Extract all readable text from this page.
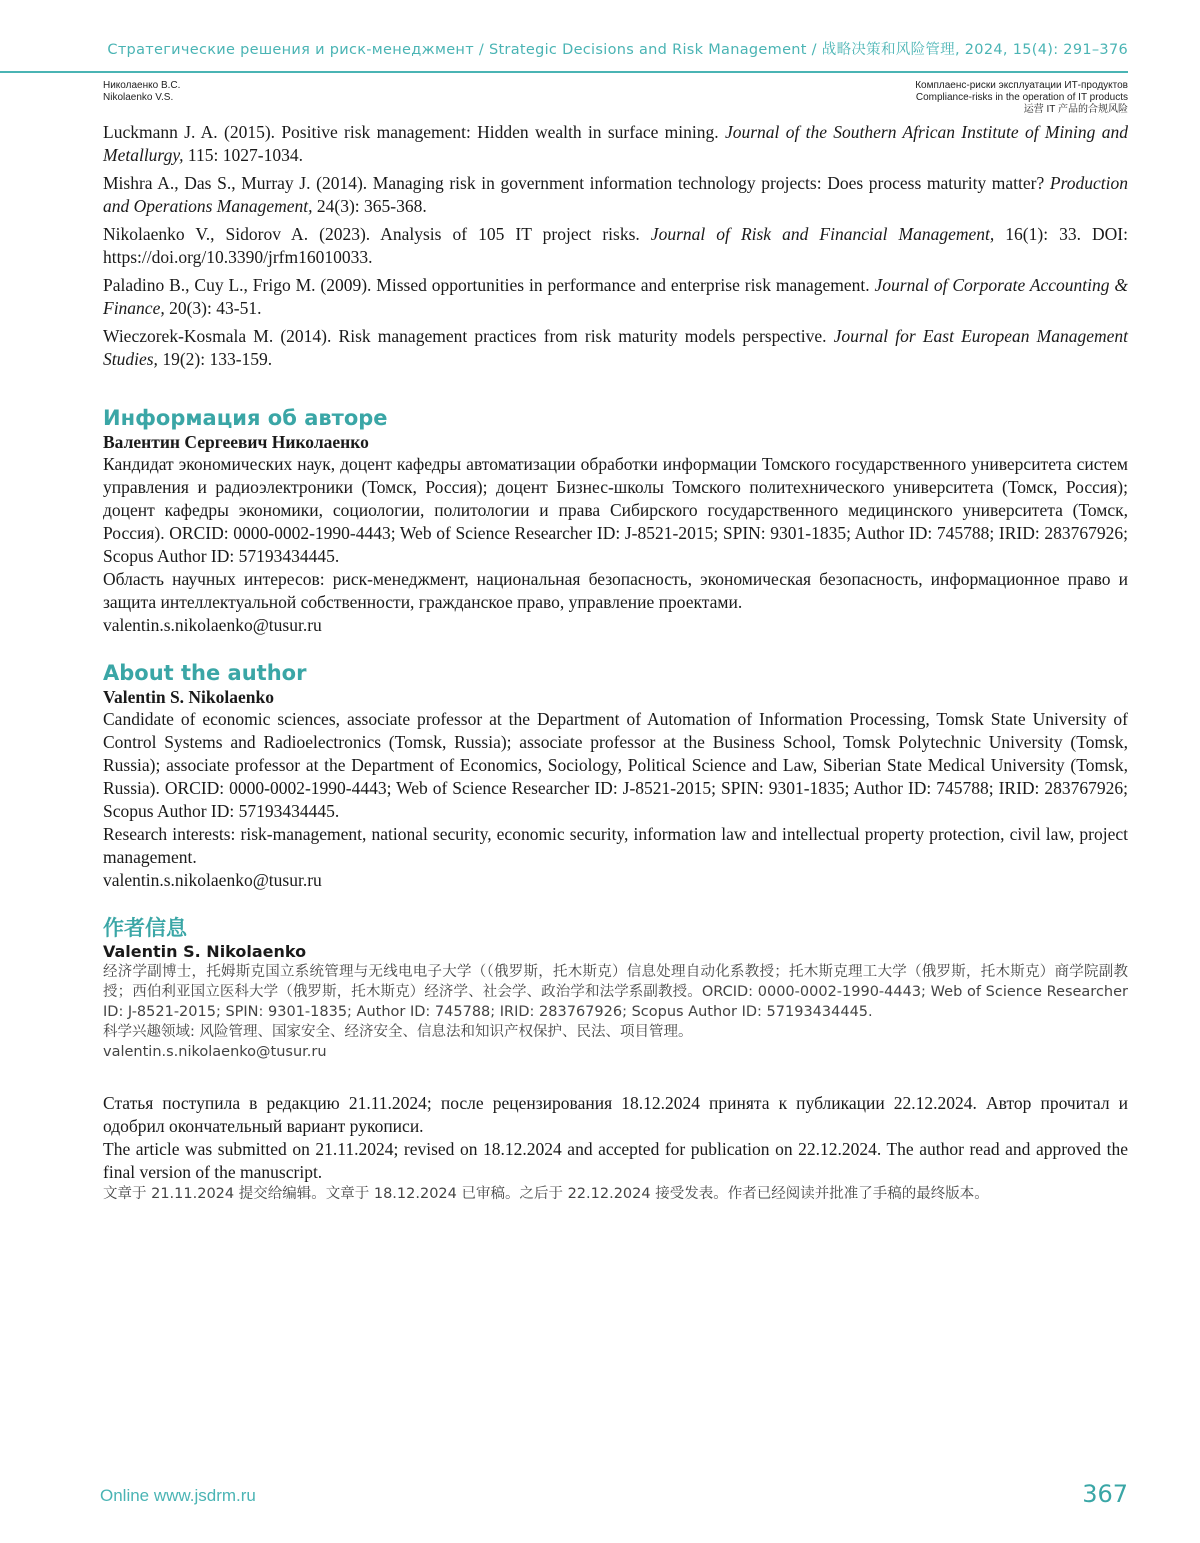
Стратегические решения и риск-менеджмент / Strategic Decisions and Risk Management / 战略决策和风险管理, 2024, 15(4): 291–376
Николаенко В.С.
Nikolaenko V.S.
Комплаенс-риски эксплуатации ИТ-продуктов
Compliance-risks in the operation of IT products
运营 IT 产品的合规风险

Luckmann J. A. (2015). Positive risk management: Hidden wealth in surface mining. Journal of the Southern African Institute of Mining and Metallurgy, 115: 1027-1034.

Mishra A., Das S., Murray J. (2014). Managing risk in government information technology projects: Does process maturity matter? Production and Operations Management, 24(3): 365-368.

Nikolaenko V., Sidorov A. (2023). Analysis of 105 IT project risks. Journal of Risk and Financial Management, 16(1): 33. DOI: https://doi.org/10.3390/jrfm16010033.

Paladino B., Cuy L., Frigo M. (2009). Missed opportunities in performance and enterprise risk management. Journal of Corporate Accounting & Finance, 20(3): 43-51.

Wieczorek-Kosmala M. (2014). Risk management practices from risk maturity models perspective. Journal for East European Management Studies, 19(2): 133-159.

Информация об авторе

Валентин Сергеевич Николаенко

Кандидат экономических наук, доцент кафедры автоматизации обработки информации Томского государственного университета систем управления и радиоэлектроники (Томск, Россия); доцент Бизнес-школы Томского политехнического университета (Томск, Россия); доцент кафедры экономики, социологии, политологии и права Сибирского государственного медицинского университета (Томск, Россия). ORCID: 0000-0002-1990-4443; Web of Science Researcher ID: J-8521-2015; SPIN: 9301-1835; Author ID: 745788; IRID: 283767926; Scopus Author ID: 57193434445.

Область научных интересов: риск-менеджмент, национальная безопасность, экономическая безопасность, информационное право и защита интеллектуальной собственности, гражданское право, управление проектами.

valentin.s.nikolaenko@tusur.ru

About the author

Valentin S. Nikolaenko

Candidate of economic sciences, associate professor at the Department of Automation of Information Processing, Tomsk State University of Control Systems and Radioelectronics (Tomsk, Russia); associate professor at the Business School, Tomsk Polytechnic University (Tomsk, Russia); associate professor at the Department of Economics, Sociology, Political Science and Law, Siberian State Medical University (Tomsk, Russia). ORCID: 0000-0002-1990-4443; Web of Science Researcher ID: J-8521-2015; SPIN: 9301-1835; Author ID: 745788; IRID: 283767926; Scopus Author ID: 57193434445.

Research interests: risk-management, national security, economic security, information law and intellectual property protection, civil law, project management.

valentin.s.nikolaenko@tusur.ru

作者信息

Valentin S. Nikolaenko

经济学副博士，托姆斯克国立系统管理与无线电电子大学（（俄罗斯，托木斯克）信息处理自动化系教授；托木斯克理工大学（俄罗斯，托木斯克）商学院副教授；西伯利亚国立医科大学（俄罗斯，托木斯克）经济学、社会学、政治学和法学系副教授。ORCID: 0000-0002-1990-4443; Web of Science Researcher ID: J-8521-2015; SPIN: 9301-1835; Author ID: 745788; IRID: 283767926; Scopus Author ID: 57193434445.

科学兴趣领域: 风险管理、国家安全、经济安全、信息法和知识产权保护、民法、项目管理。

valentin.s.nikolaenko@tusur.ru

Статья поступила в редакцию 21.11.2024; после рецензирования 18.12.2024 принята к публикации 22.12.2024. Автор прочитал и одобрил окончательный вариант рукописи.

The article was submitted on 21.11.2024; revised on 18.12.2024 and accepted for publication on 22.12.2024. The author read and approved the final version of the manuscript.

文章于 21.11.2024 提交给编辑。文章于 18.12.2024 已审稿。之后于 22.12.2024 接受发表。作者已经阅读并批准了手稿的最终版本。

Online www.jsdrm.ru	367
